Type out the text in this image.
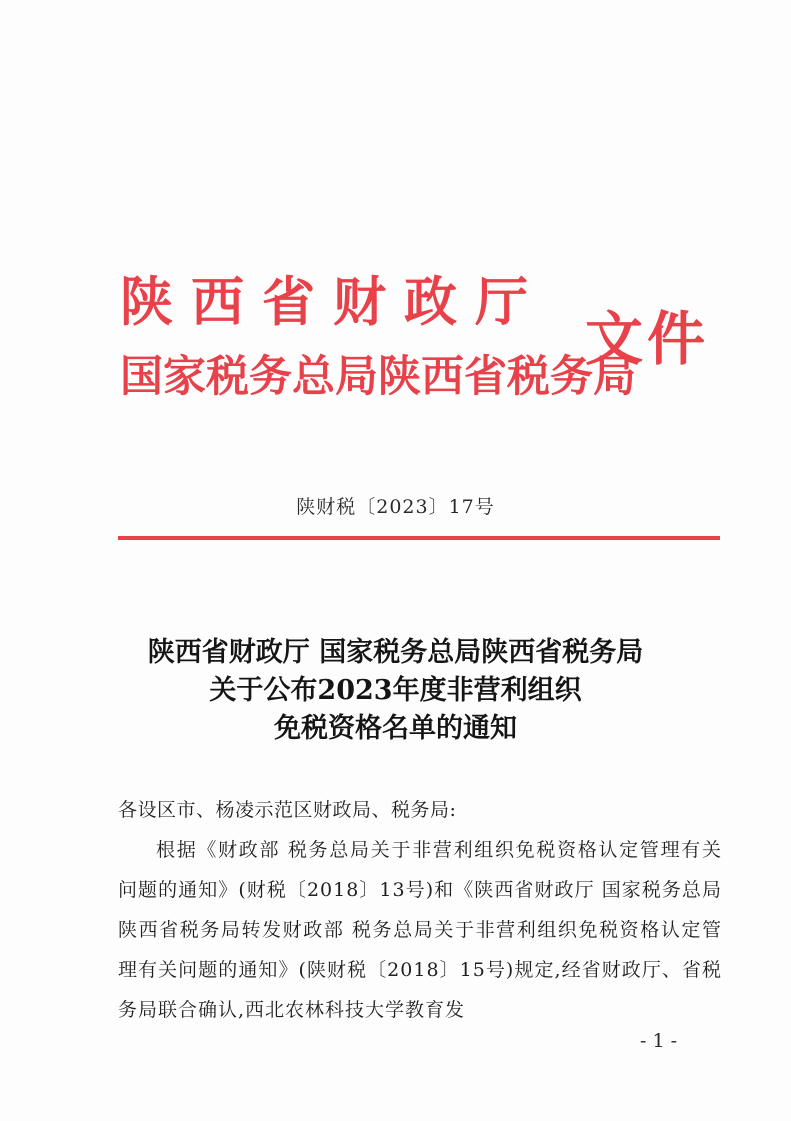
陕西省财政厅
国家税务总局陕西省税务局
文件
陕财税〔2023〕17号
陕西省财政厅 国家税务总局陕西省税务局
关于公布2023年度非营利组织
免税资格名单的通知
各设区市、杨凌示范区财政局、税务局:
根据《财政部 税务总局关于非营利组织免税资格认定管理有关问题的通知》(财税〔2018〕13号)和《陕西省财政厅 国家税务总局陕西省税务局转发财政部 税务总局关于非营利组织免税资格认定管理有关问题的通知》(陕财税〔2018〕15号)规定,经省财政厅、省税务局联合确认,西北农林科技大学教育发
- 1 -
